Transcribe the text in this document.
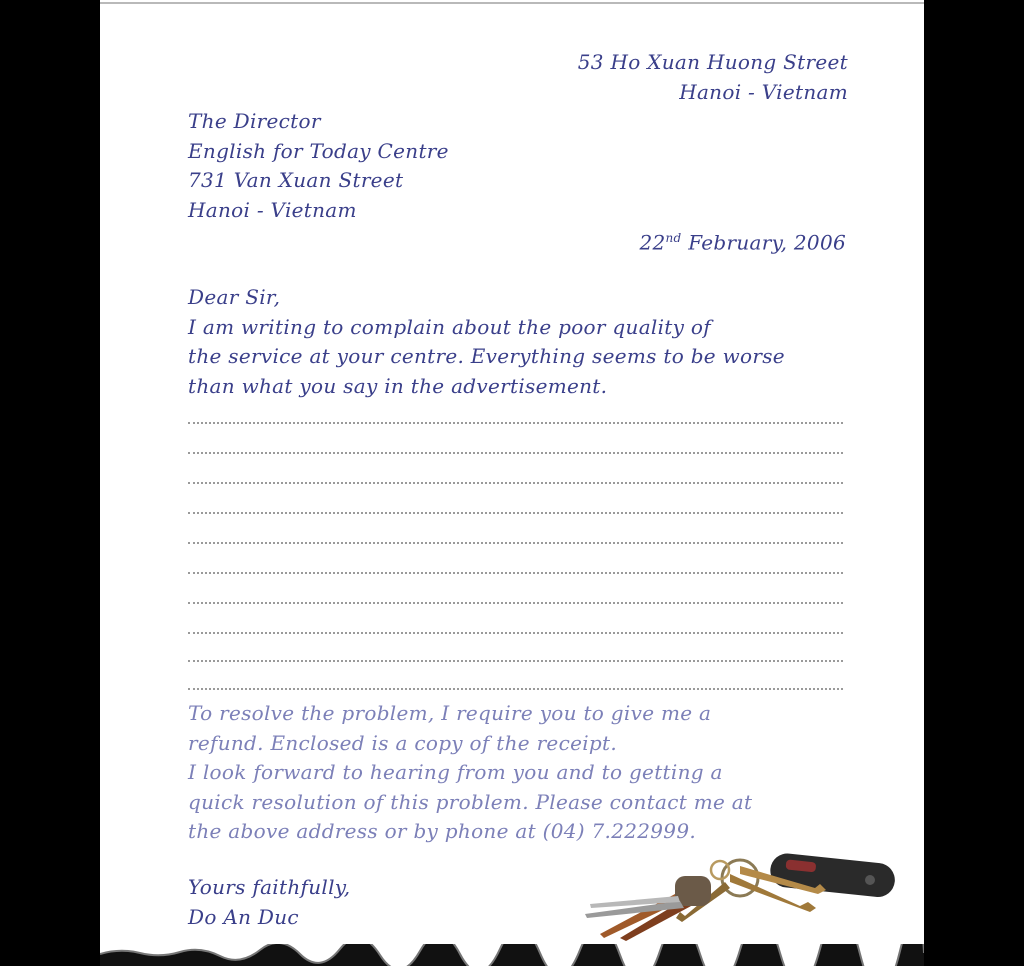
53 Ho Xuan Huong Street
Hanoi - Vietnam
The Director
English for Today Centre
731 Van Xuan Street
Hanoi - Vietnam
22nd February, 2006
Dear Sir,
I am writing to complain about the poor quality of
the service at your centre. Everything seems to be worse
than what you say in the advertisement.
To resolve the problem, I require you to give me a
refund. Enclosed is a copy of the receipt.
I look forward to hearing from you and to getting a
quick resolution of this problem. Please contact me at
the above address or by phone at (04) 7.222999.
Yours faithfully,
Do An Duc
